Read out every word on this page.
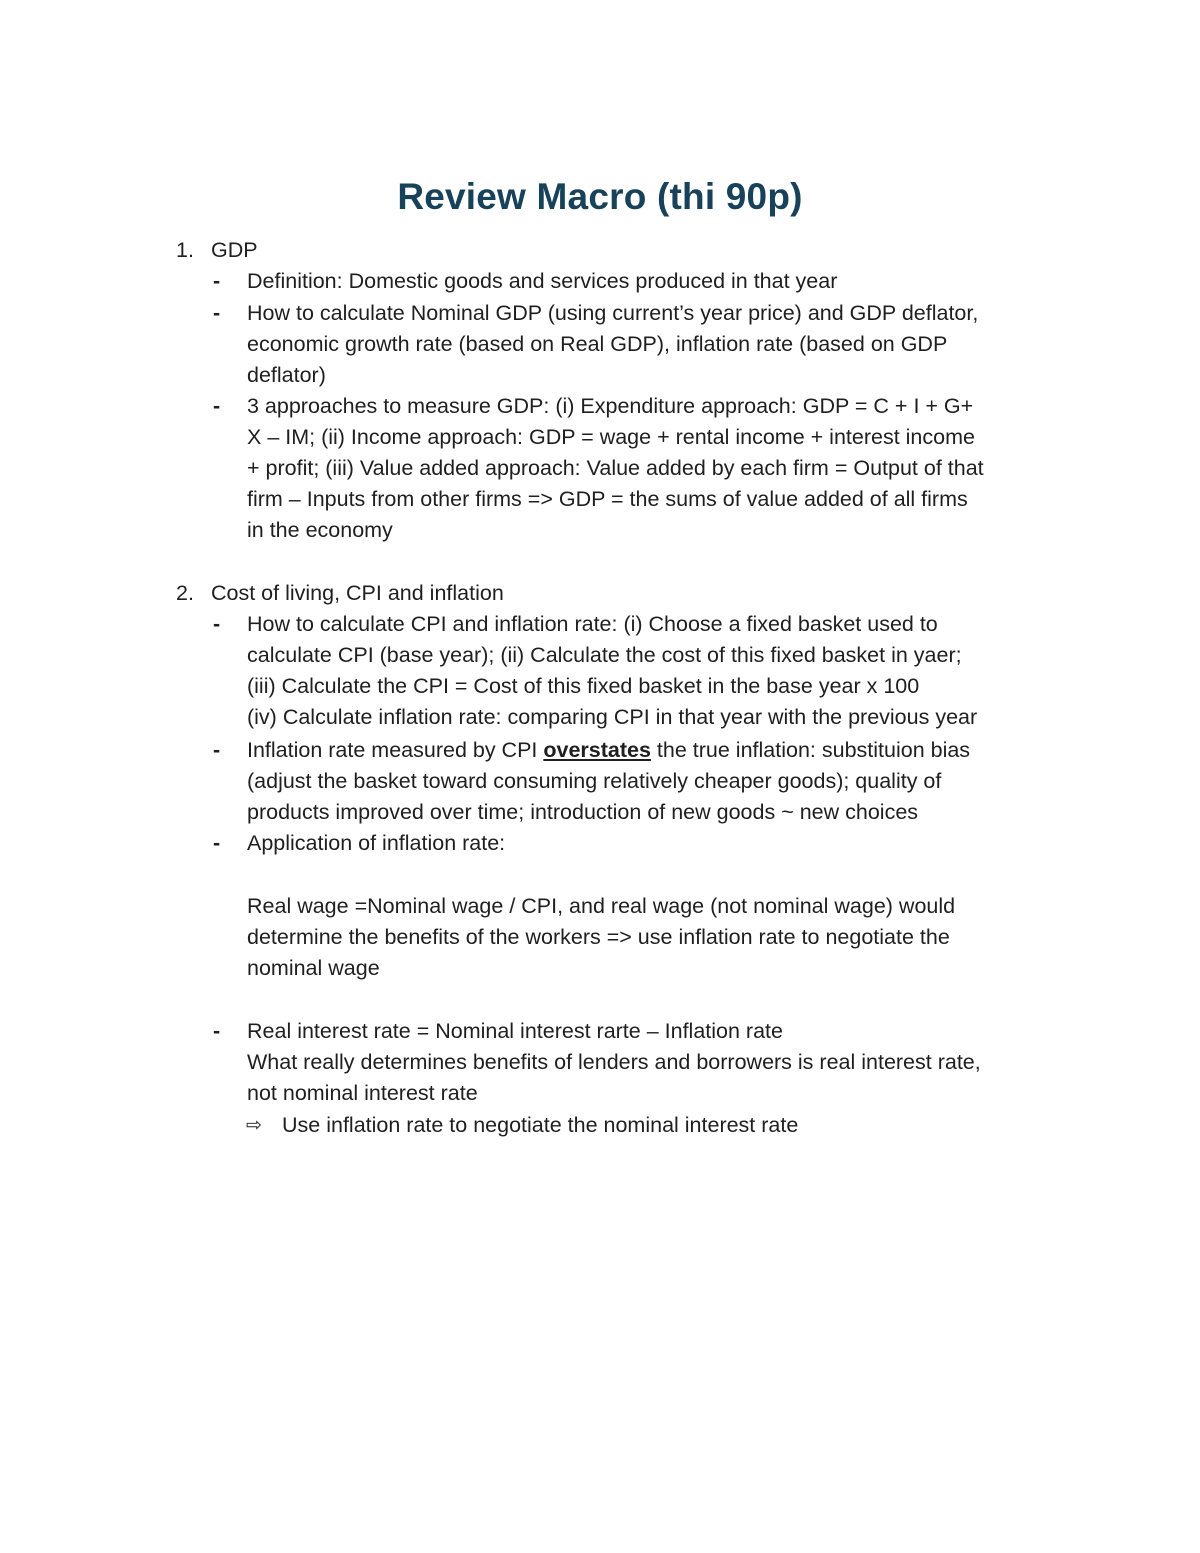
Review Macro (thi 90p)
1. GDP
- Definition: Domestic goods and services produced in that year
- How to calculate Nominal GDP (using current’s year price) and GDP deflator,
economic growth rate (based on Real GDP), inflation rate (based on GDP
deflator)
- 3 approaches to measure GDP: (i) Expenditure approach: GDP = C + I + G+
X – IM; (ii) Income approach: GDP = wage + rental income + interest income
+ profit; (iii) Value added approach: Value added by each firm = Output of that
firm – Inputs from other firms => GDP = the sums of value added of all firms
in the economy
2. Cost of living, CPI and inflation
- How to calculate CPI and inflation rate: (i) Choose a fixed basket used to
calculate CPI (base year); (ii) Calculate the cost of this fixed basket in yaer;
(iii) Calculate the CPI = Cost of this fixed basket in the base year x 100
(iv) Calculate inflation rate: comparing CPI in that year with the previous year
- Inflation rate measured by CPI overstates the true inflation: substituion bias
(adjust the basket toward consuming relatively cheaper goods); quality of
products improved over time; introduction of new goods ~ new choices
- Application of inflation rate:
Real wage =Nominal wage / CPI, and real wage (not nominal wage) would
determine the benefits of the workers => use inflation rate to negotiate the
nominal wage
- Real interest rate = Nominal interest rarte – Inflation rate
What really determines benefits of lenders and borrowers is real interest rate,
not nominal interest rate
⇨ Use inflation rate to negotiate the nominal interest rate
